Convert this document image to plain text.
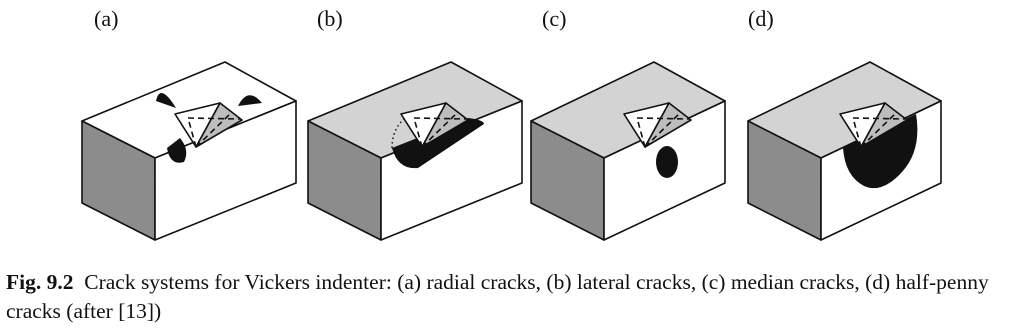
(a)	(b)	(c)	(d)
Fig. 9.2 Crack systems for Vickers indenter: (a) radial cracks, (b) lateral cracks, (c) median cracks, (d) half-penny cracks (after [13])
